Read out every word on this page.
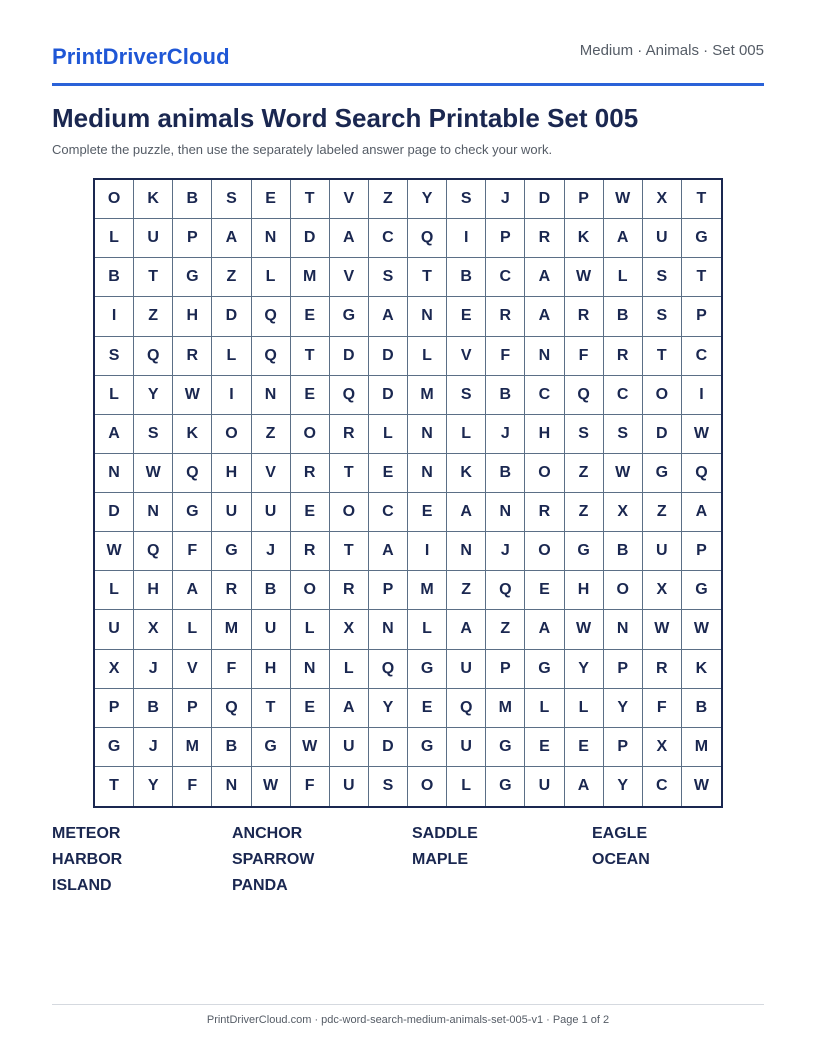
PrintDriverCloud	Medium · Animals · Set 005
Medium animals Word Search Printable Set 005
Complete the puzzle, then use the separately labeled answer page to check your work.
O	K	B	S	E	T	V	Z	Y	S	J	D	P	W	X	T
L	U	P	A	N	D	A	C	Q	I	P	R	K	A	U	G
B	T	G	Z	L	M	V	S	T	B	C	A	W	L	S	T
I	Z	H	D	Q	E	G	A	N	E	R	A	R	B	S	P
S	Q	R	L	Q	T	D	D	L	V	F	N	F	R	T	C
L	Y	W	I	N	E	Q	D	M	S	B	C	Q	C	O	I
A	S	K	O	Z	O	R	L	N	L	J	H	S	S	D	W
N	W	Q	H	V	R	T	E	N	K	B	O	Z	W	G	Q
D	N	G	U	U	E	O	C	E	A	N	R	Z	X	Z	A
W	Q	F	G	J	R	T	A	I	N	J	O	G	B	U	P
L	H	A	R	B	O	R	P	M	Z	Q	E	H	O	X	G
U	X	L	M	U	L	X	N	L	A	Z	A	W	N	W	W
X	J	V	F	H	N	L	Q	G	U	P	G	Y	P	R	K
P	B	P	Q	T	E	A	Y	E	Q	M	L	L	Y	F	B
G	J	M	B	G	W	U	D	G	U	G	E	E	P	X	M
T	Y	F	N	W	F	U	S	O	L	G	U	A	Y	C	W
METEOR	ANCHOR	SADDLE	EAGLE
HARBOR	SPARROW	MAPLE	OCEAN
ISLAND	PANDA
PrintDriverCloud.com · pdc-word-search-medium-animals-set-005-v1 · Page 1 of 2
